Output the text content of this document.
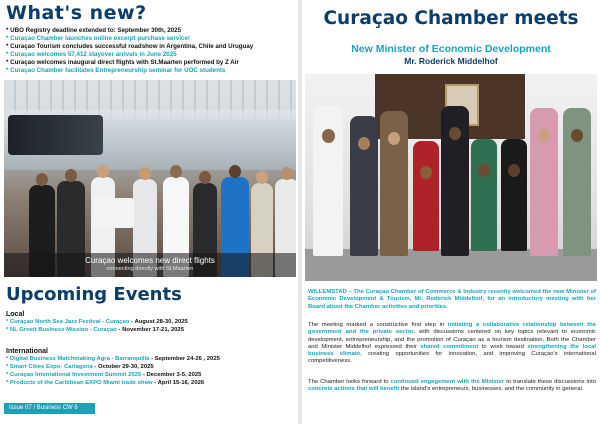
What's new?
* UBO Registry deadline extended to: September 30th, 2025
* Curaçao Chamber launches online excerpt purchase service!
* Curaçao Tourism concludes successful roadshow in Argentina, Chile and Uruguay
* Curaçao welcomes 57,412 stayover arrivals in June 2025
* Curaçao welcomes inaugural direct flights with St.Maarten performed by Z Air
* Curaçao Chamber facilitates Entrepreneurship seminar for UOC students
Curaçao welcomes new direct flights
connecting directly with St.Maarten
Upcoming Events
Local
* Curaçao North Sea Jazz Festival - Curaçao - August 28-30, 2025
* NL Groeit Business Mission - Curaçao - November 17-21, 2025
International
* Digital Business Matchmaking Agra - Barranquilla - September 24-26 , 2025
* Smart Cities Expo- Cartagena - October 29-30, 2025
* Curaçao International Investment Summit 2025 - December 3-5, 2025
* Products of the Caribbean EXPO Miami trade show - April 15-16, 2026
Issue 07 / Business CW 6
Curaçao Chamber meets
New Minister of Economic Development
Mr. Roderick Middelhof

WILLEMSTAD – The Curaçao Chamber of Commerce & Industry recently welcomed the new Minister of Economic Development & Tourism, Mr. Roderick Middelhof, for an introductory meeting with her Board about the Chamber activities and priorities.

The meeting marked a constructive first step in initiating a collaborative relationship between the government and the private sector, with discussions centered on key topics relevant to economic development, entrepreneurship, and the promotion of Curaçao as a tourism destination. Both the Chamber and Minister Middelhof expressed their shared commitment to work toward strengthening the local business climate, creating opportunities for innovation, and improving Curaçao's international competitiveness.

The Chamber looks forward to continued engagement with the Minister to translate these discussions into concrete actions that will benefit the island's entrepreneurs, businesses, and the community in general.
